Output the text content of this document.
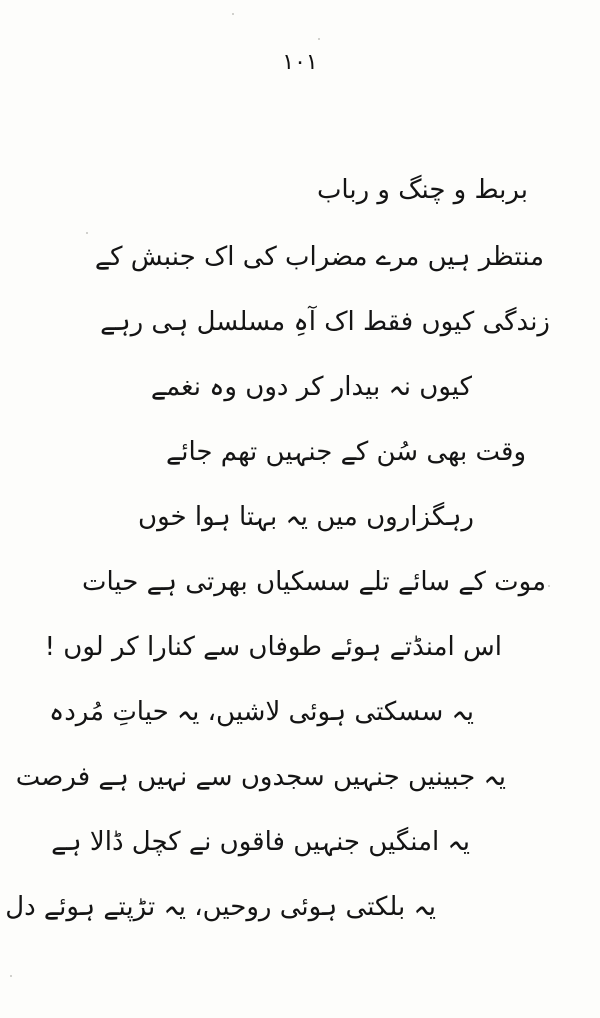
۱۰۱
بربط و چنگ و رباب
منتظر ہیں مرے مضراب کی اک جنبش کے
زندگی کیوں فقط اک آہِ مسلسل ہی رہے
کیوں نہ بیدار کر دوں وہ نغمے
وقت بھی سُن کے جنہیں تھم جائے
رہگزاروں میں یہ بہتا ہوا خوں
موت کے سائے تلے سسکیاں بھرتی ہے حیات
اس امنڈتے ہوئے طوفاں سے کنارا کر لوں !
یہ سسکتی ہوئی لاشیں، یہ حیاتِ مُردہ
یہ جبینیں جنہیں سجدوں سے نہیں ہے فرصت
یہ امنگیں جنہیں فاقوں نے کچل ڈالا ہے
یہ بلکتی ہوئی روحیں، یہ تڑپتے ہوئے دل
